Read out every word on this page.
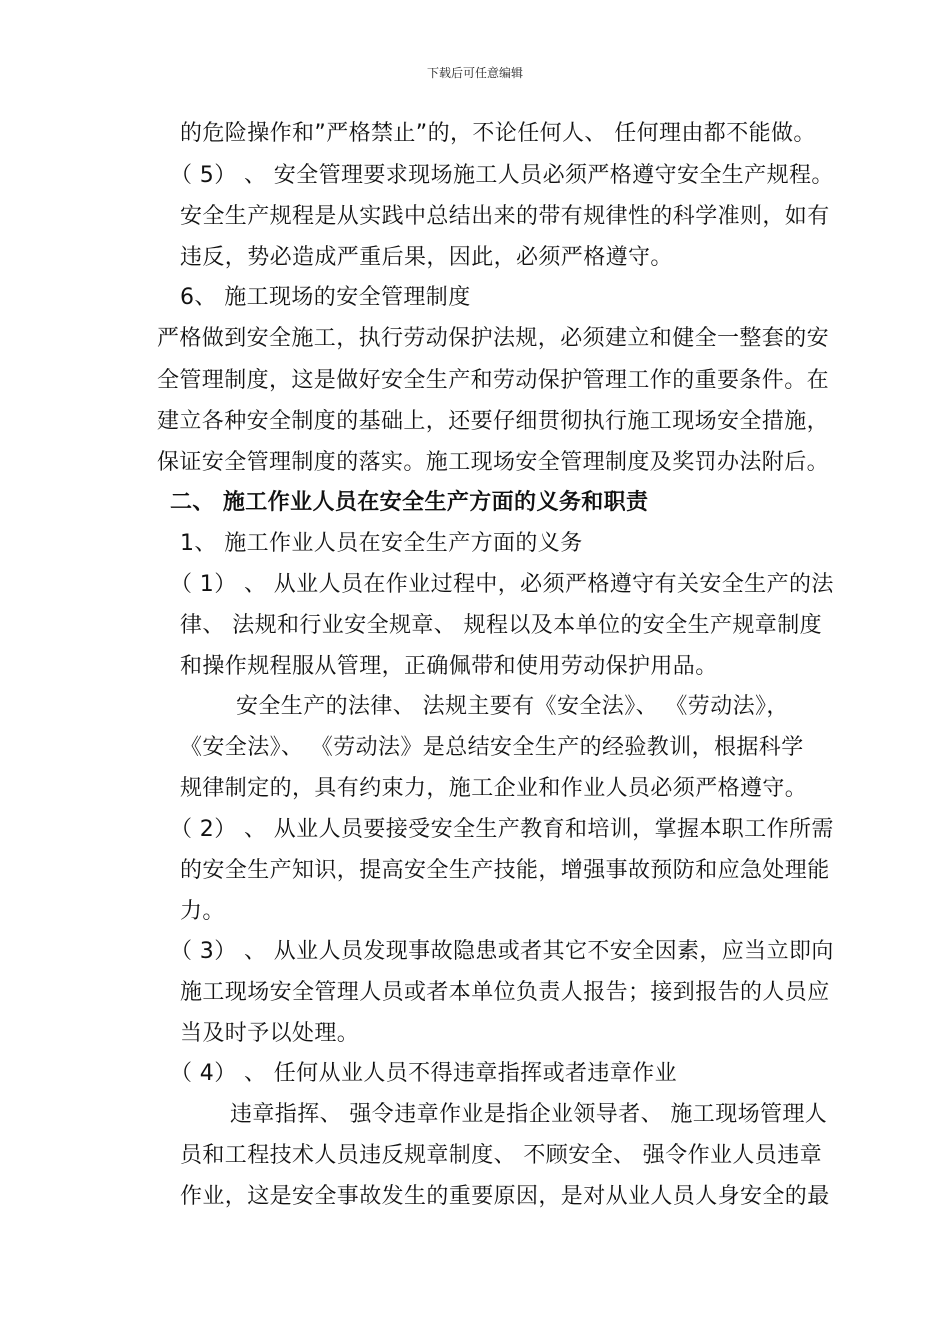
下载后可任意编辑
的危险操作和”严格禁止”的，不论任何人、 任何理由都不能做。
（ 5） 、 安全管理要求现场施工人员必须严格遵守安全生产规程。
安全生产规程是从实践中总结出来的带有规律性的科学准则，如有
违反，势必造成严重后果，因此，必须严格遵守。
6、 施工现场的安全管理制度
严格做到安全施工，执行劳动保护法规，必须建立和健全一整套的安
全管理制度，这是做好安全生产和劳动保护管理工作的重要条件。在
建立各种安全制度的基础上，还要仔细贯彻执行施工现场安全措施，
保证安全管理制度的落实。施工现场安全管理制度及奖罚办法附后。
二、 施工作业人员在安全生产方面的义务和职责
1、 施工作业人员在安全生产方面的义务
（ 1） 、 从业人员在作业过程中，必须严格遵守有关安全生产的法
律、 法规和行业安全规章、 规程以及本单位的安全生产规章制度
和操作规程服从管理，正确佩带和使用劳动保护用品。
安全生产的法律、 法规主要有《安全法》、 《劳动法》，
《安全法》、 《劳动法》是总结安全生产的经验教训，根据科学
规律制定的，具有约束力，施工企业和作业人员必须严格遵守。
（ 2） 、 从业人员要接受安全生产教育和培训，掌握本职工作所需
的安全生产知识，提高安全生产技能，增强事故预防和应急处理能
力。
（ 3） 、 从业人员发现事故隐患或者其它不安全因素，应当立即向
施工现场安全管理人员或者本单位负责人报告；接到报告的人员应
当及时予以处理。
（ 4） 、 任何从业人员不得违章指挥或者违章作业
违章指挥、 强令违章作业是指企业领导者、 施工现场管理人
员和工程技术人员违反规章制度、 不顾安全、 强令作业人员违章
作业，这是安全事故发生的重要原因，是对从业人员人身安全的最
